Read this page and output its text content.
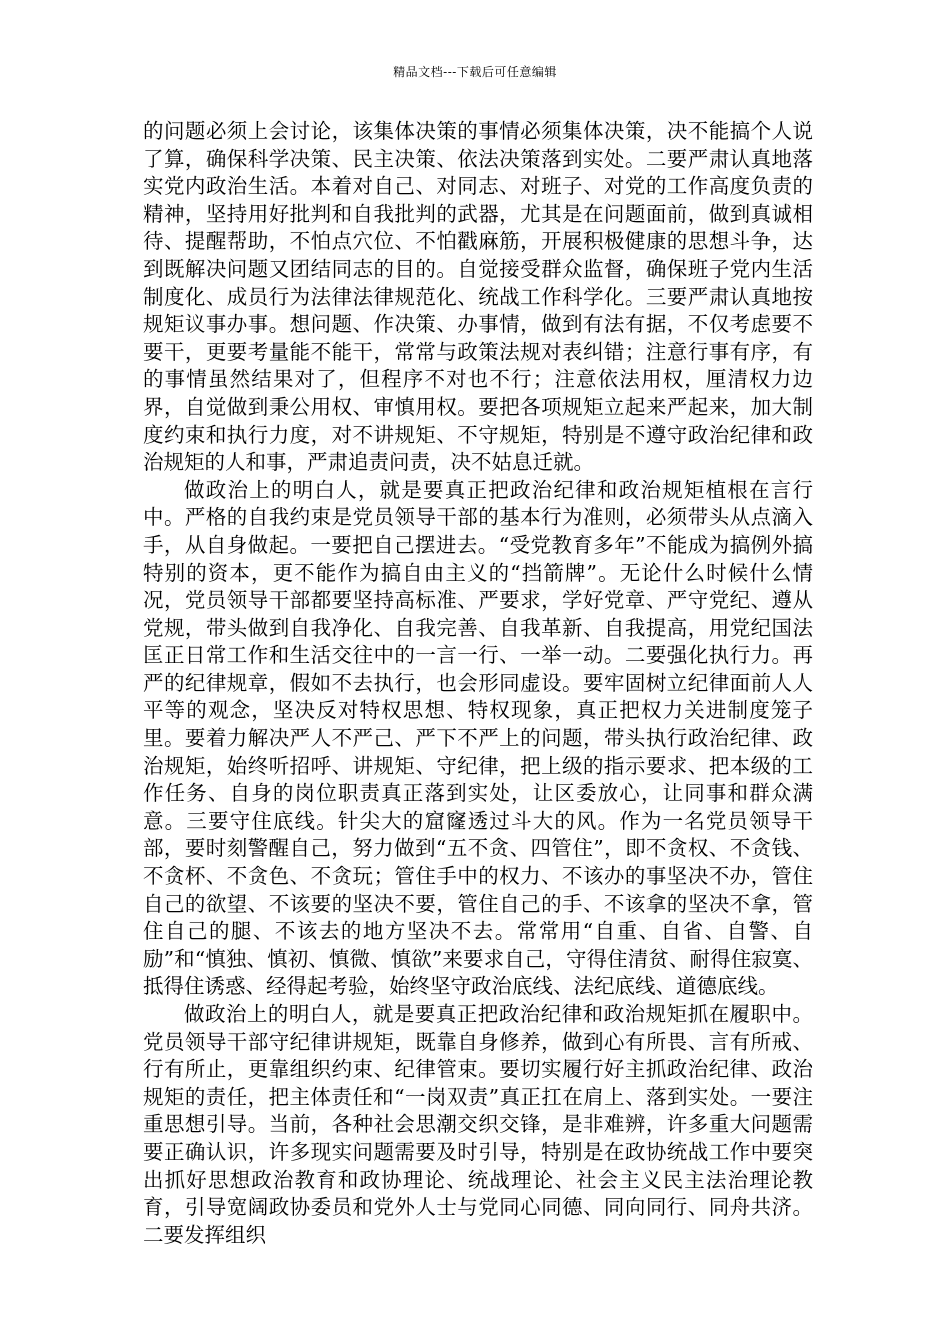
精品文档---下载后可任意编辑

的问题必须上会讨论，该集体决策的事情必须集体决策，决不能搞个人说了算，确保科学决策、民主决策、依法决策落到实处。二要严肃认真地落实党内政治生活。本着对自己、对同志、对班子、对党的工作高度负责的精神，坚持用好批判和自我批判的武器，尤其是在问题面前，做到真诚相待、提醒帮助，不怕点穴位、不怕戳麻筋，开展积极健康的思想斗争，达到既解决问题又团结同志的目的。自觉接受群众监督，确保班子党内生活制度化、成员行为法律法律规范化、统战工作科学化。三要严肃认真地按规矩议事办事。想问题、作决策、办事情，做到有法有据，不仅考虑要不要干，更要考量能不能干，常常与政策法规对表纠错；注意行事有序，有的事情虽然结果对了，但程序不对也不行；注意依法用权，厘清权力边界，自觉做到秉公用权、审慎用权。要把各项规矩立起来严起来，加大制度约束和执行力度，对不讲规矩、不守规矩，特别是不遵守政治纪律和政治规矩的人和事，严肃追责问责，决不姑息迁就。

做政治上的明白人，就是要真正把政治纪律和政治规矩植根在言行中。严格的自我约束是党员领导干部的基本行为准则，必须带头从点滴入手，从自身做起。一要把自己摆进去。“受党教育多年”不能成为搞例外搞特别的资本，更不能作为搞自由主义的“挡箭牌”。无论什么时候什么情况，党员领导干部都要坚持高标准、严要求，学好党章、严守党纪、遵从党规，带头做到自我净化、自我完善、自我革新、自我提高，用党纪国法匡正日常工作和生活交往中的一言一行、一举一动。二要强化执行力。再严的纪律规章，假如不去执行，也会形同虚设。要牢固树立纪律面前人人平等的观念，坚决反对特权思想、特权现象，真正把权力关进制度笼子里。要着力解决严人不严己、严下不严上的问题，带头执行政治纪律、政治规矩，始终听招呼、讲规矩、守纪律，把上级的指示要求、把本级的工作任务、自身的岗位职责真正落到实处，让区委放心，让同事和群众满意。三要守住底线。针尖大的窟窿透过斗大的风。作为一名党员领导干部，要时刻警醒自己，努力做到“五不贪、四管住”，即不贪权、不贪钱、不贪杯、不贪色、不贪玩；管住手中的权力、不该办的事坚决不办，管住自己的欲望、不该要的坚决不要，管住自己的手、不该拿的坚决不拿，管住自己的腿、不该去的地方坚决不去。常常用“自重、自省、自警、自励”和“慎独、慎初、慎微、慎欲”来要求自己，守得住清贫、耐得住寂寞、抵得住诱惑、经得起考验，始终坚守政治底线、法纪底线、道德底线。

做政治上的明白人，就是要真正把政治纪律和政治规矩抓在履职中。党员领导干部守纪律讲规矩，既靠自身修养，做到心有所畏、言有所戒、行有所止，更靠组织约束、纪律管束。要切实履行好主抓政治纪律、政治规矩的责任，把主体责任和“一岗双责”真正扛在肩上、落到实处。一要注重思想引导。当前，各种社会思潮交织交锋，是非难辨，许多重大问题需要正确认识，许多现实问题需要及时引导，特别是在政协统战工作中要突出抓好思想政治教育和政协理论、统战理论、社会主义民主法治理论教育，引导宽阔政协委员和党外人士与党同心同德、同向同行、同舟共济。二要发挥组织
